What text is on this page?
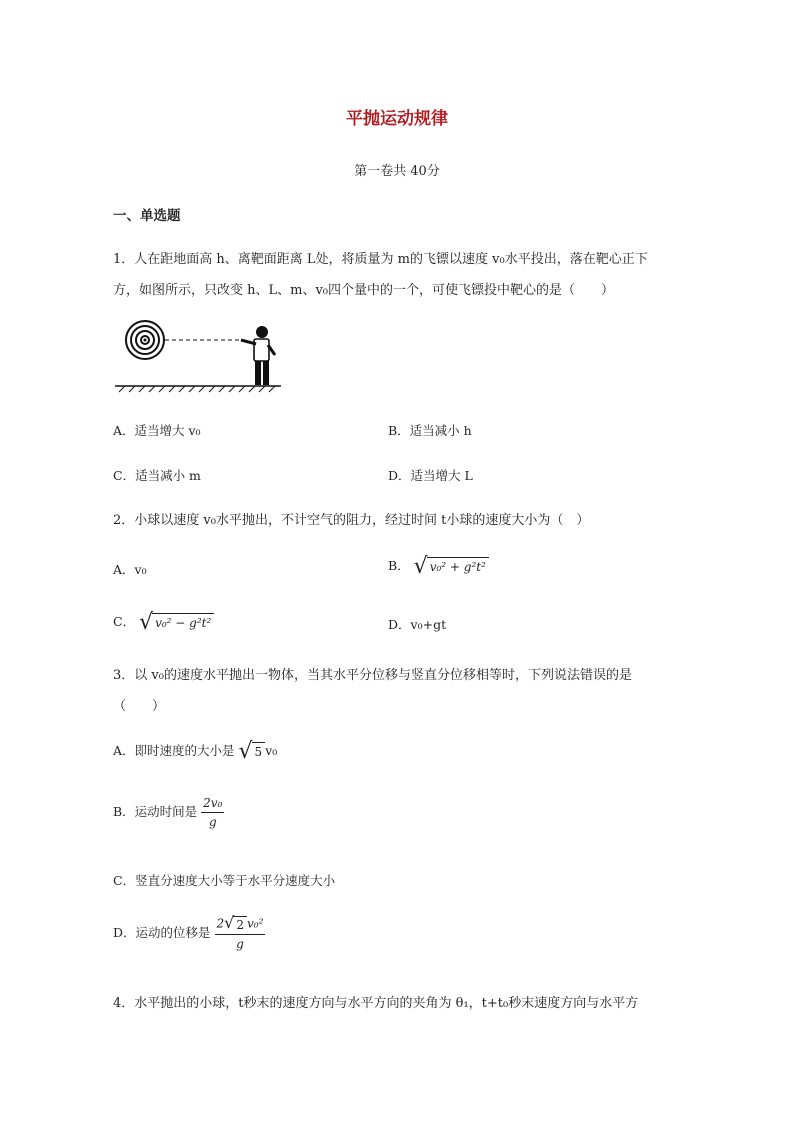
平抛运动规律
第一卷共 40分
一、单选题
1．人在距地面高 h、离靶面距离 L处，将质量为 m的飞镖以速度 v₀水平投出，落在靶心正下
方，如图所示，只改变 h、L、m、v₀四个量中的一个，可使飞镖投中靶心的是（　　）
A．适当增大 v₀	B．适当减小 h
C．适当减小 m	D．适当增大 L
2．小球以速度 v₀水平抛出，不计空气的阻力，经过时间 t小球的速度大小为（　）
A．v₀	B． √ v₀² + g²t²
C． √ v₀² − g²t²	D．v₀+gt
3．以 v₀的速度水平抛出一物体，当其水平分位移与竖直分位移相等时，下列说法错误的是
（　　）
A．即时速度的大小是 √ 5 v₀
B．运动时间是 $\frac{\text{2v₀}}{g}$
C．竖直分速度大小等于水平分速度大小
D．运动的位移是 $\frac{\text{2 √ 2 v₀²}}{g}$
4．水平抛出的小球，t秒末的速度方向与水平方向的夹角为 θ₁，t+t₀秒末速度方向与水平方
